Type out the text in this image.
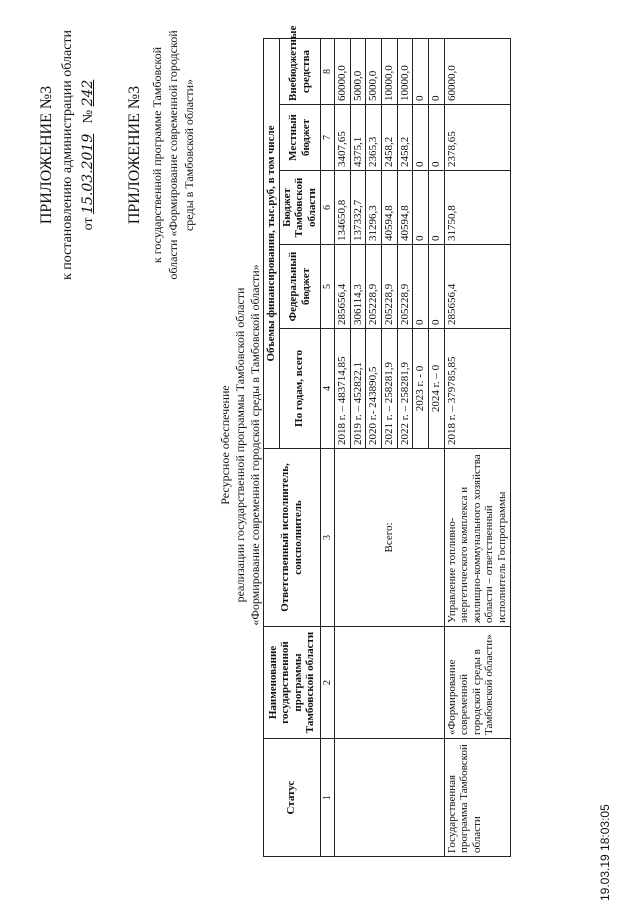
ПРИЛОЖЕНИЕ №3 к постановлению администрации области от 15.03.2019   № 242 ПРИЛОЖЕНИЕ №3 к государственной программе Тамбовской области «Формирование современной городской среды в Тамбовской области»
Ресурсное обеспечение реализации государственной программы Тамбовской области «Формирование современной городской среды в Тамбовской области»
Статус	Наименование государственной программы Тамбовской области	Ответственный исполнитель, соисполнитель	Объемы финансирования, тыс.руб, в том числе				
			По годам, всего	Федеральный бюджет	Бюджет Тамбовской области	Местный бюджет	Внебюджетные средства
1	2	3	4	5	6	7	8
		Всего:	2018 г. – 483714,85	285656,4	134650,8	3407,65	60000,0
			2019 г. – 452822,1	306114,3	137332,7	4375,1	5000,0
			2020 г.- 243890,5	205228,9	31296,3	2365,3	5000,0
			2021 г. – 258281,9	205228,9	40594,8	2458,2	10000,0
			2022 г. – 258281,9	205228,9	40594,8	2458,2	10000,0
			2023 г. - 0	0	0	0	0
			2024 г. – 0	0	0	0	0
Государственная программа Тамбовской области	«Формирование современной городской среды в Тамбовской области»	Управление топливно-энергетического комплекса и жилищно-коммунального хозяйства области – ответственный исполнитель Госпрограммы	2018 г. – 379785,85	285656,4	31750,8	2378,65	60000,0
19.03.19 18:03:05
